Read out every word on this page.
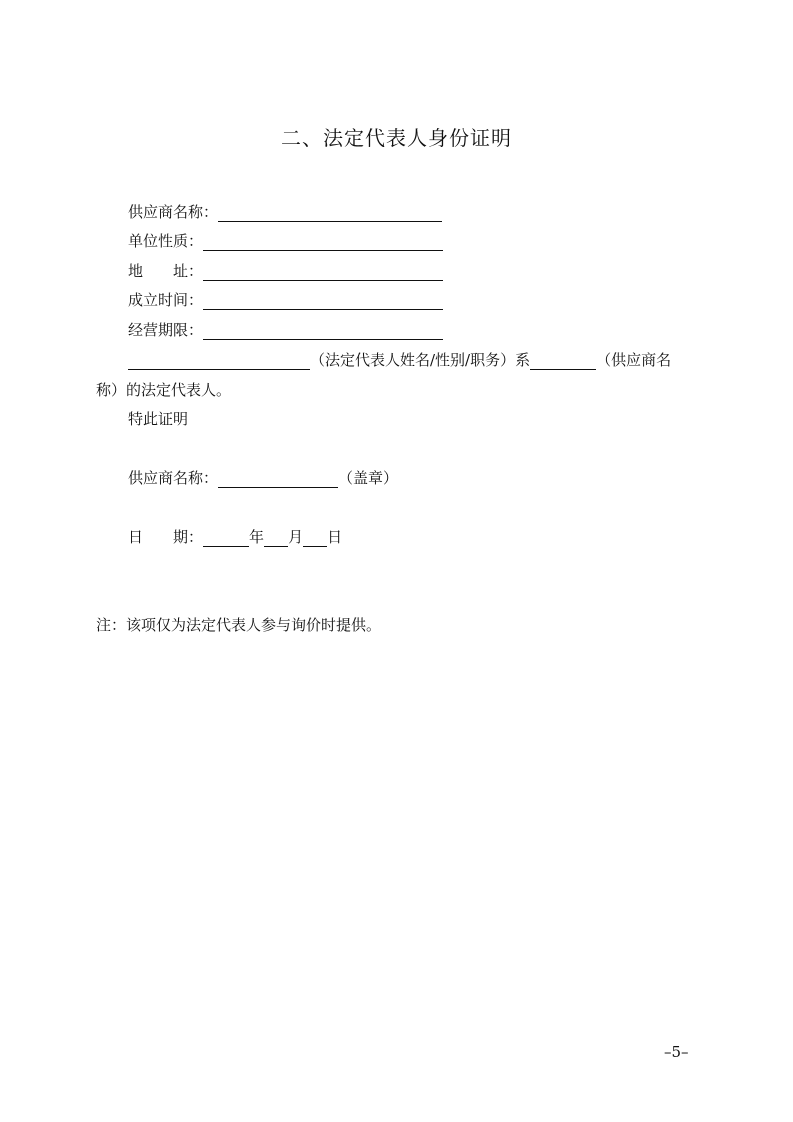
二、法定代表人身份证明
供应商名称：
单位性质：
地 址：
成立时间：
经营期限：
（法定代表人姓名/性别/职务）系	（供应商名
称）的法定代表人。
特此证明
供应商名称：	（盖章）
日 期 ：	年 月 日
注：该项仅为法定代表人参与询价时提供。
–5–
